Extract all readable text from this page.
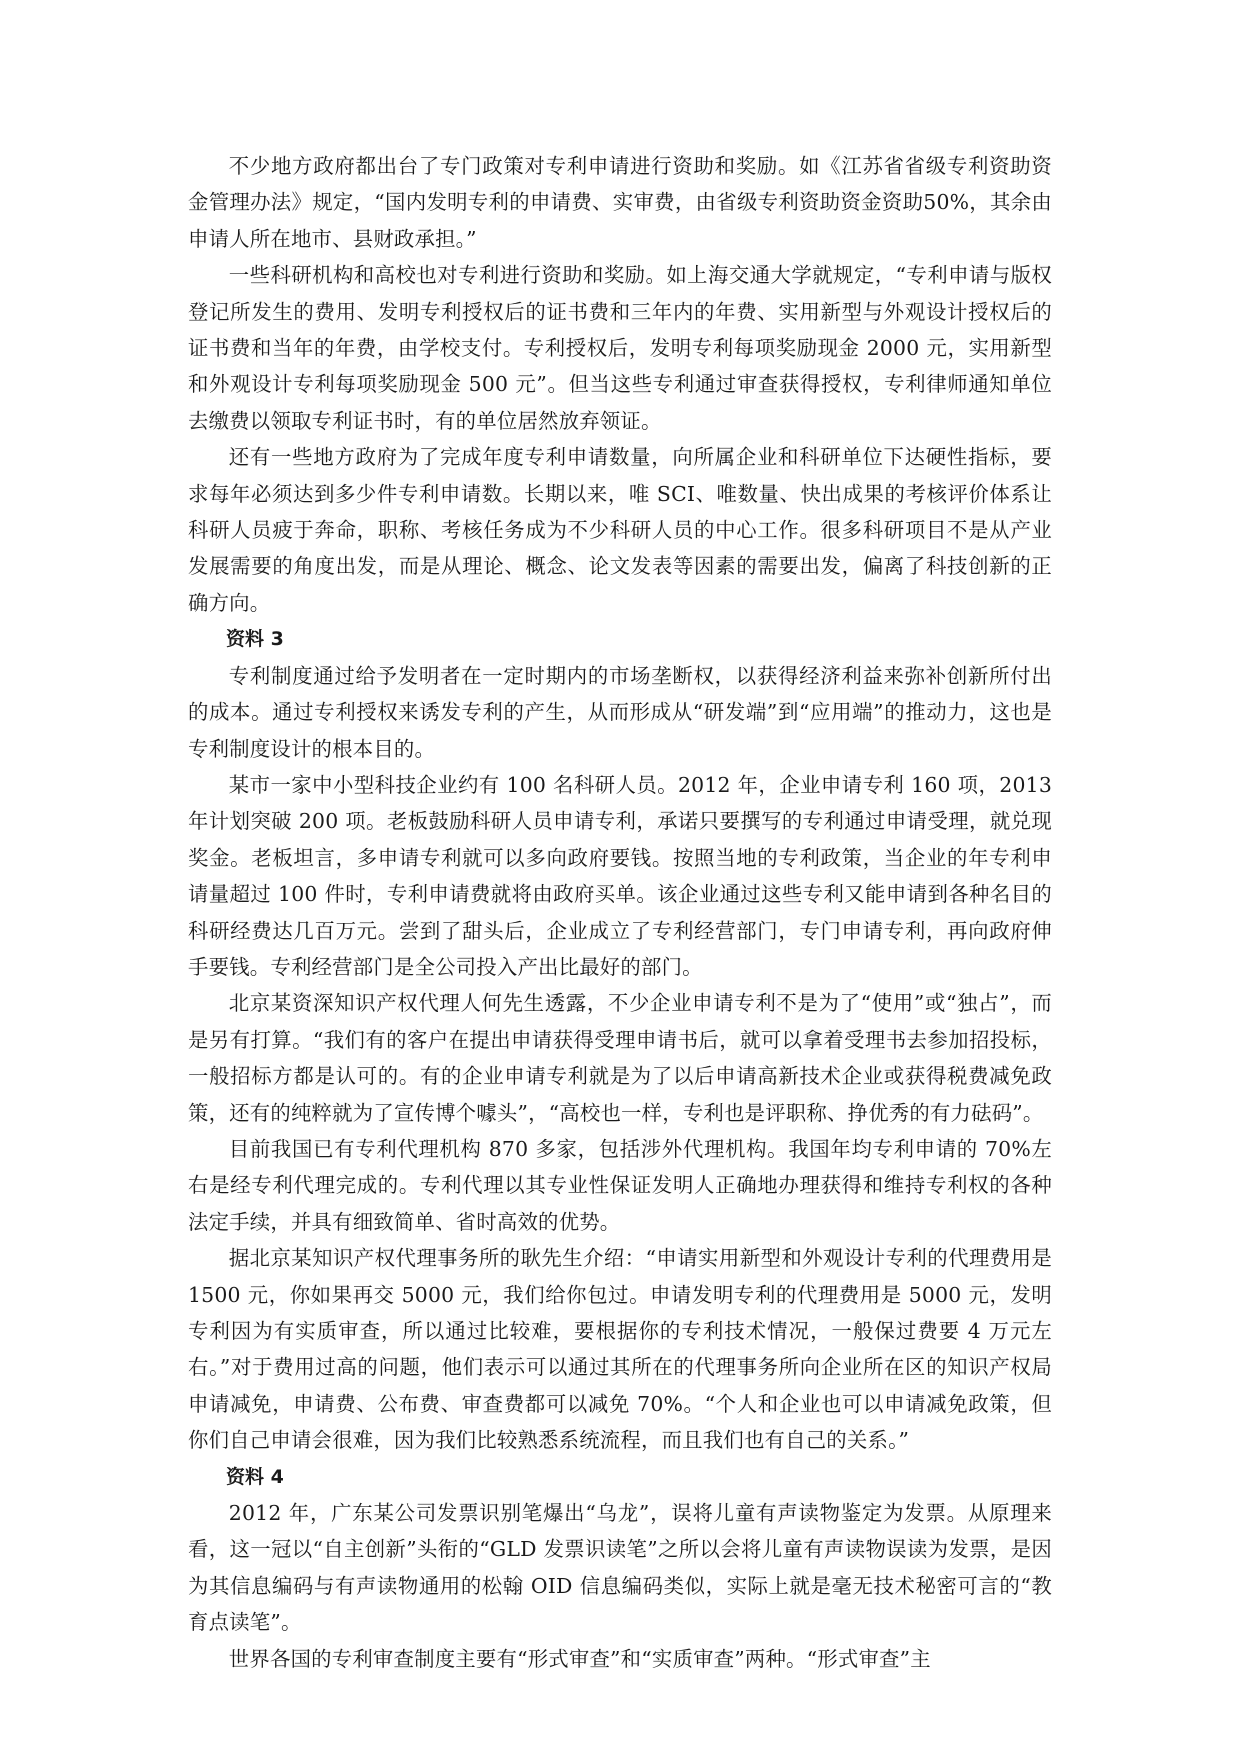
不少地方政府都出台了专门政策对专利申请进行资助和奖励。如《江苏省省级专利资助资金管理办法》规定，“国内发明专利的申请费、实审费，由省级专利资助资金资助50%，其余由申请人所在地市、县财政承担。”

一些科研机构和高校也对专利进行资助和奖励。如上海交通大学就规定，“专利申请与版权登记所发生的费用、发明专利授权后的证书费和三年内的年费、实用新型与外观设计授权后的证书费和当年的年费，由学校支付。专利授权后，发明专利每项奖励现金 2000 元，实用新型和外观设计专利每项奖励现金 500 元”。但当这些专利通过审查获得授权，专利律师通知单位去缴费以领取专利证书时，有的单位居然放弃领证。

还有一些地方政府为了完成年度专利申请数量，向所属企业和科研单位下达硬性指标，要求每年必须达到多少件专利申请数。长期以来，唯 SCI、唯数量、快出成果的考核评价体系让科研人员疲于奔命，职称、考核任务成为不少科研人员的中心工作。很多科研项目不是从产业发展需要的角度出发，而是从理论、概念、论文发表等因素的需要出发，偏离了科技创新的正确方向。

资料 3

专利制度通过给予发明者在一定时期内的市场垄断权，以获得经济利益来弥补创新所付出的成本。通过专利授权来诱发专利的产生，从而形成从“研发端”到“应用端”的推动力，这也是专利制度设计的根本目的。

某市一家中小型科技企业约有 100 名科研人员。2012 年，企业申请专利 160 项，2013 年计划突破 200 项。老板鼓励科研人员申请专利，承诺只要撰写的专利通过申请受理，就兑现奖金。老板坦言，多申请专利就可以多向政府要钱。按照当地的专利政策，当企业的年专利申请量超过 100 件时，专利申请费就将由政府买单。该企业通过这些专利又能申请到各种名目的科研经费达几百万元。尝到了甜头后，企业成立了专利经营部门，专门申请专利，再向政府伸手要钱。专利经营部门是全公司投入产出比最好的部门。

北京某资深知识产权代理人何先生透露，不少企业申请专利不是为了“使用”或“独占”，而是另有打算。“我们有的客户在提出申请获得受理申请书后，就可以拿着受理书去参加招投标，一般招标方都是认可的。有的企业申请专利就是为了以后申请高新技术企业或获得税费减免政策，还有的纯粹就为了宣传博个噱头”，“高校也一样，专利也是评职称、挣优秀的有力砝码”。

目前我国已有专利代理机构 870 多家，包括涉外代理机构。我国年均专利申请的 70%左右是经专利代理完成的。专利代理以其专业性保证发明人正确地办理获得和维持专利权的各种法定手续，并具有细致简单、省时高效的优势。

据北京某知识产权代理事务所的耿先生介绍：“申请实用新型和外观设计专利的代理费用是 1500 元，你如果再交 5000 元，我们给你包过。申请发明专利的代理费用是 5000 元，发明专利因为有实质审查，所以通过比较难，要根据你的专利技术情况，一般保过费要 4 万元左右。”对于费用过高的问题，他们表示可以通过其所在的代理事务所向企业所在区的知识产权局申请减免，申请费、公布费、审查费都可以减免 70%。“个人和企业也可以申请减免政策，但你们自己申请会很难，因为我们比较熟悉系统流程，而且我们也有自己的关系。”

资料 4

2012 年，广东某公司发票识别笔爆出“乌龙”，误将儿童有声读物鉴定为发票。从原理来看，这一冠以“自主创新”头衔的“GLD 发票识读笔”之所以会将儿童有声读物误读为发票，是因为其信息编码与有声读物通用的松翰 OID 信息编码类似，实际上就是毫无技术秘密可言的“教育点读笔”。

世界各国的专利审查制度主要有“形式审查”和“实质审查”两种。“形式审查”主
